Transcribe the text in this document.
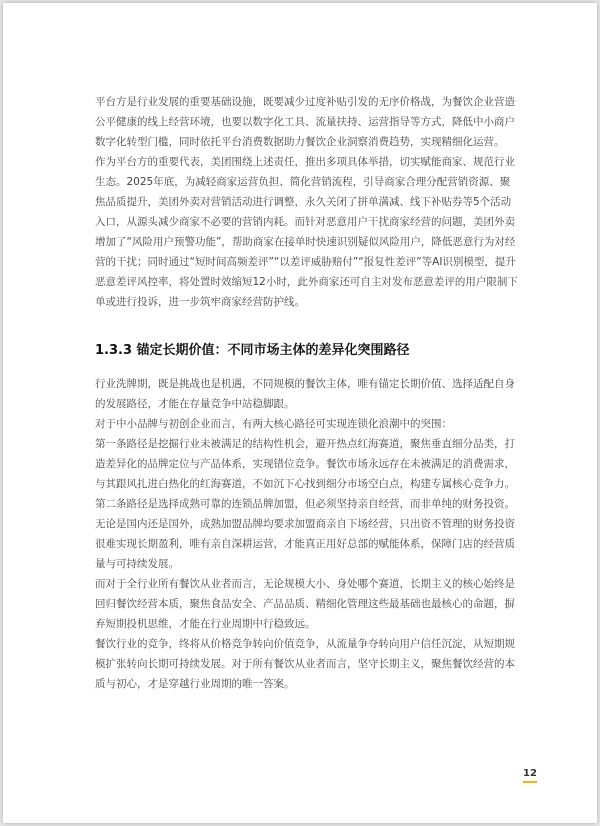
平台方是行业发展的重要基础设施，既要减少过度补贴引发的无序价格战，为餐饮企业营造公平健康的线上经营环境，也要以数字化工具、流量扶持、运营指导等方式，降低中小商户数字化转型门槛，同时依托平台消费数据助力餐饮企业洞察消费趋势，实现精细化运营。

作为平台方的重要代表，美团围绕上述责任，推出多项具体举措，切实赋能商家、规范行业生态。2025年底，为减轻商家运营负担、简化营销流程，引导商家合理分配营销资源、聚焦品质提升，美团外卖对营销活动进行调整，永久关闭了拼单满减、线下补贴券等5个活动入口，从源头减少商家不必要的营销内耗。而针对恶意用户干扰商家经营的问题，美团外卖增加了“风险用户预警功能”，帮助商家在接单时快速识别疑似风险用户，降低恶意行为对经营的干扰；同时通过“短时间高频差评”“以差评威胁赔付”“报复性差评”等AI识别模型，提升恶意差评风控率，将处置时效缩短12小时，此外商家还可自主对发布恶意差评的用户限制下单或进行投诉，进一步筑牢商家经营防护线。

1.3.3 锚定长期价值：不同市场主体的差异化突围路径

行业洗牌期，既是挑战也是机遇，不同规模的餐饮主体，唯有锚定长期价值、选择适配自身的发展路径，才能在存量竞争中站稳脚跟。

对于中小品牌与初创企业而言，有两大核心路径可实现连锁化浪潮中的突围：

第一条路径是挖掘行业未被满足的结构性机会，避开热点红海赛道，聚焦垂直细分品类，打造差异化的品牌定位与产品体系，实现错位竞争。餐饮市场永远存在未被满足的消费需求，与其跟风扎进白热化的红海赛道，不如沉下心找到细分市场空白点，构建专属核心竞争力。

第二条路径是选择成熟可靠的连锁品牌加盟，但必须坚持亲自经营，而非单纯的财务投资。无论是国内还是国外，成熟加盟品牌均要求加盟商亲自下场经营，只出资不管理的财务投资很难实现长期盈利，唯有亲自深耕运营，才能真正用好总部的赋能体系，保障门店的经营质量与可持续发展。

而对于全行业所有餐饮从业者而言，无论规模大小、身处哪个赛道，长期主义的核心始终是回归餐饮经营本质，聚焦食品安全、产品品质、精细化管理这些最基础也最核心的命题，摒弃短期投机思维，才能在行业周期中行稳致远。

餐饮行业的竞争，终将从价格竞争转向价值竞争，从流量争夺转向用户信任沉淀，从短期规模扩张转向长期可持续发展。对于所有餐饮从业者而言，坚守长期主义，聚焦餐饮经营的本质与初心，才是穿越行业周期的唯一答案。

12
